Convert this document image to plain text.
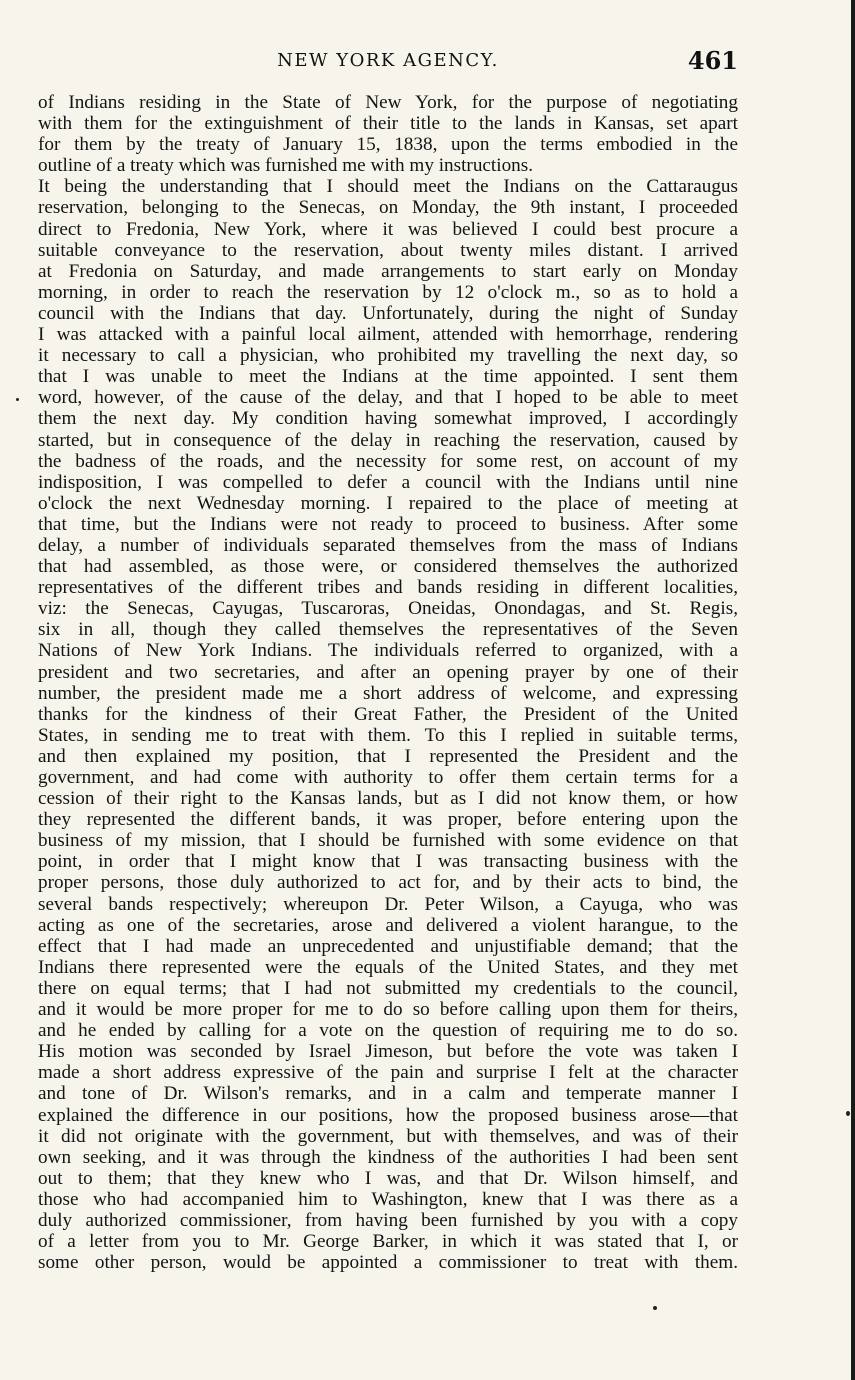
NEW YORK AGENCY.	461
of Indians residing in the State of New York, for the purpose of negotiating
with them for the extinguishment of their title to the lands in Kansas, set apart
for them by the treaty of January 15, 1838, upon the terms embodied in the
outline of a treaty which was furnished me with my instructions.
It being the understanding that I should meet the Indians on the Cattaraugus
reservation, belonging to the Senecas, on Monday, the 9th instant, I proceeded
direct to Fredonia, New York, where it was believed I could best procure a
suitable conveyance to the reservation, about twenty miles distant. I arrived
at Fredonia on Saturday, and made arrangements to start early on Monday
morning, in order to reach the reservation by 12 o'clock m., so as to hold a
council with the Indians that day. Unfortunately, during the night of Sunday
I was attacked with a painful local ailment, attended with hemorrhage, rendering
it necessary to call a physician, who prohibited my travelling the next day, so
that I was unable to meet the Indians at the time appointed. I sent them
word, however, of the cause of the delay, and that I hoped to be able to meet
them the next day. My condition having somewhat improved, I accordingly
started, but in consequence of the delay in reaching the reservation, caused by
the badness of the roads, and the necessity for some rest, on account of my
indisposition, I was compelled to defer a council with the Indians until nine
o'clock the next Wednesday morning. I repaired to the place of meeting at
that time, but the Indians were not ready to proceed to business. After some
delay, a number of individuals separated themselves from the mass of Indians
that had assembled, as those were, or considered themselves the authorized
representatives of the different tribes and bands residing in different localities,
viz: the Senecas, Cayugas, Tuscaroras, Oneidas, Onondagas, and St. Regis,
six in all, though they called themselves the representatives of the Seven
Nations of New York Indians. The individuals referred to organized, with a
president and two secretaries, and after an opening prayer by one of their
number, the president made me a short address of welcome, and expressing
thanks for the kindness of their Great Father, the President of the United
States, in sending me to treat with them. To this I replied in suitable terms,
and then explained my position, that I represented the President and the
government, and had come with authority to offer them certain terms for a
cession of their right to the Kansas lands, but as I did not know them, or how
they represented the different bands, it was proper, before entering upon the
business of my mission, that I should be furnished with some evidence on that
point, in order that I might know that I was transacting business with the
proper persons, those duly authorized to act for, and by their acts to bind, the
several bands respectively; whereupon Dr. Peter Wilson, a Cayuga, who was
acting as one of the secretaries, arose and delivered a violent harangue, to the
effect that I had made an unprecedented and unjustifiable demand; that the
Indians there represented were the equals of the United States, and they met
there on equal terms; that I had not submitted my credentials to the council,
and it would be more proper for me to do so before calling upon them for theirs,
and he ended by calling for a vote on the question of requiring me to do so.
His motion was seconded by Israel Jimeson, but before the vote was taken I
made a short address expressive of the pain and surprise I felt at the character
and tone of Dr. Wilson's remarks, and in a calm and temperate manner I
explained the difference in our positions, how the proposed business arose—that
it did not originate with the government, but with themselves, and was of their
own seeking, and it was through the kindness of the authorities I had been sent
out to them; that they knew who I was, and that Dr. Wilson himself, and
those who had accompanied him to Washington, knew that I was there as a
duly authorized commissioner, from having been furnished by you with a copy
of a letter from you to Mr. George Barker, in which it was stated that I, or
some other person, would be appointed a commissioner to treat with them.
